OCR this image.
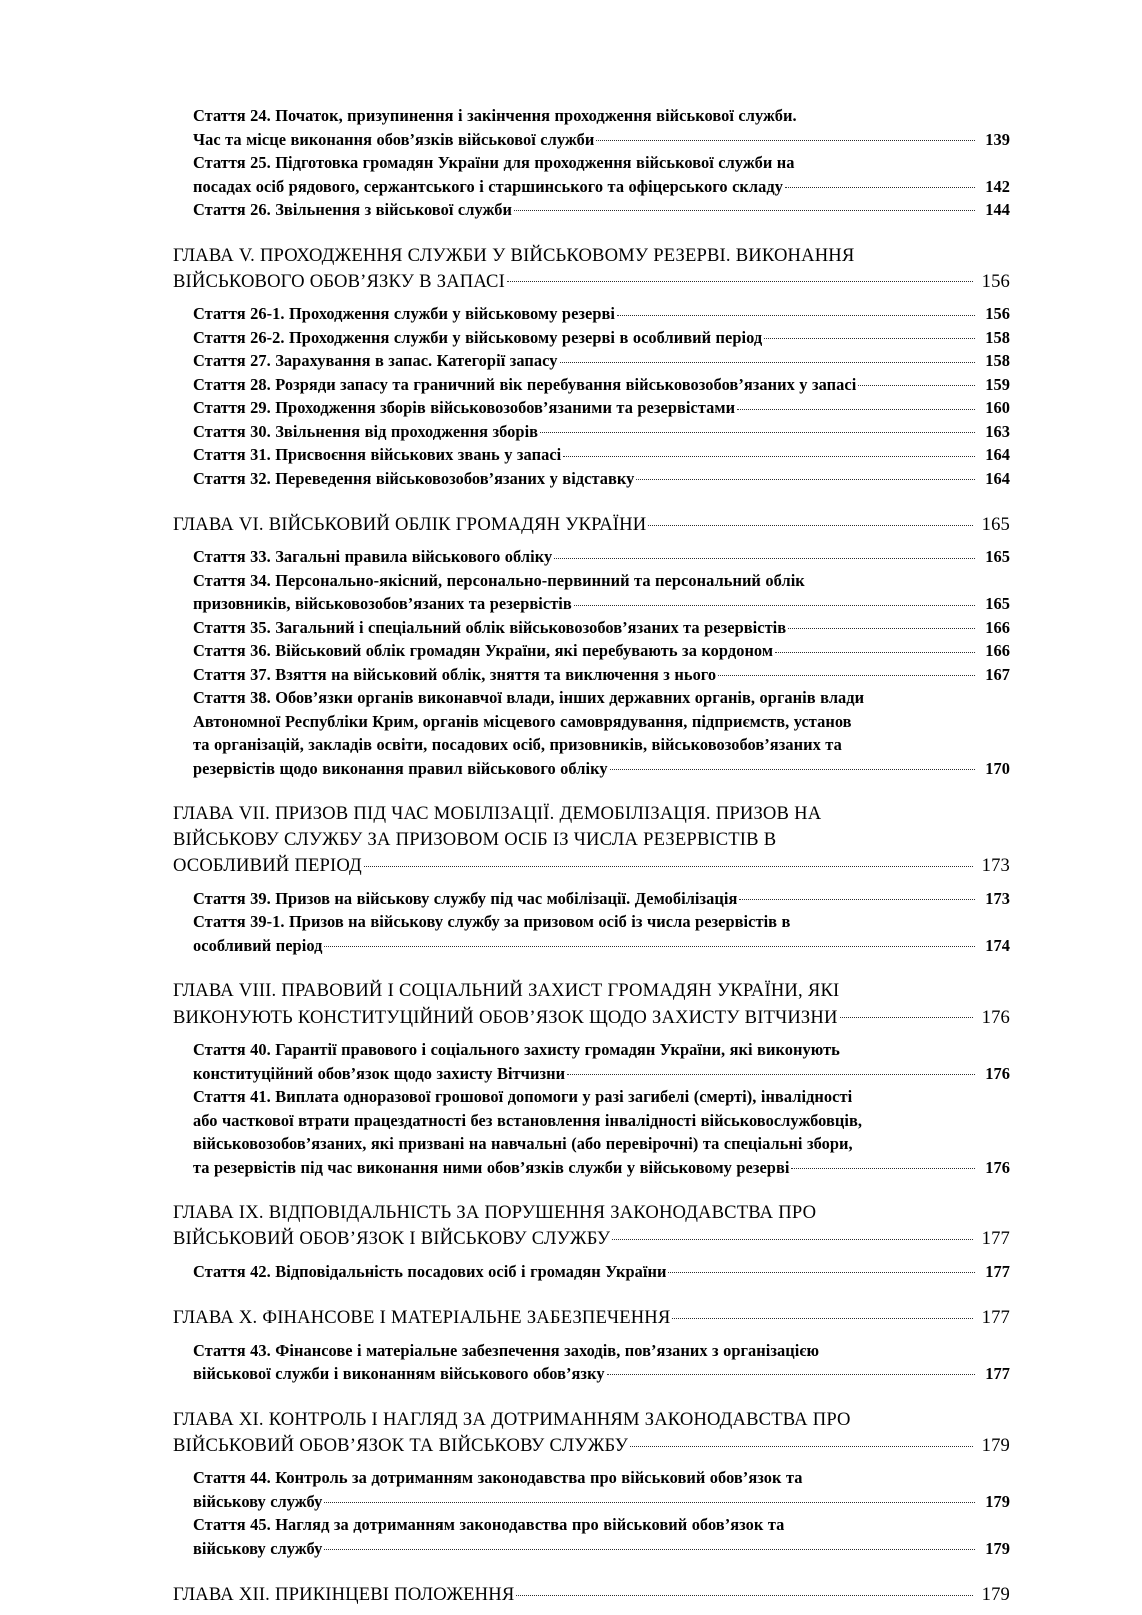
Стаття 24. Початок, призупинення і закінчення проходження військової служби.
Час та місце виконання обов’язків військової служби	139
Стаття 25. Підготовка громадян України для проходження військової служби на
посадах осіб рядового, сержантського і старшинського та офіцерського складу	142
Стаття 26. Звільнення з військової служби	144
ГЛАВА V. ПРОХОДЖЕННЯ СЛУЖБИ У ВІЙСЬКОВОМУ РЕЗЕРВІ. ВИКОНАННЯ
ВІЙСЬКОВОГО ОБОВ’ЯЗКУ В ЗАПАСІ	156
Стаття 26-1. Проходження служби у військовому резерві	156
Стаття 26-2. Проходження служби у військовому резерві в особливий період	158
Стаття 27. Зарахування в запас. Категорії запасу	158
Стаття 28. Розряди запасу та граничний вік перебування військовозобов’язаних у запасі	159
Стаття 29. Проходження зборів військовозобов’язаними та резервістами	160
Стаття 30. Звільнення від проходження зборів	163
Стаття 31. Присвоєння військових звань у запасі	164
Стаття 32. Переведення військовозобов’язаних у відставку	164
ГЛАВА VI. ВІЙСЬКОВИЙ ОБЛІК ГРОМАДЯН УКРАЇНИ	165
Стаття 33. Загальні правила військового обліку	165
Стаття 34. Персонально-якісний, персонально-первинний та персональний облік
призовників, військовозобов’язаних та резервістів	165
Стаття 35. Загальний і спеціальний облік військовозобов’язаних та резервістів	166
Стаття 36. Військовий облік громадян України, які перебувають за кордоном	166
Стаття 37. Взяття на військовий облік, зняття та виключення з нього	167
Стаття 38. Обов’язки органів виконавчої влади, інших державних органів, органів влади
Автономної Республіки Крим, органів місцевого самоврядування, підприємств, установ
та організацій, закладів освіти, посадових осіб, призовників, військовозобов’язаних та
резервістів щодо виконання правил військового обліку	170
ГЛАВА VII. ПРИЗОВ ПІД ЧАС МОБІЛІЗАЦІЇ. ДЕМОБІЛІЗАЦІЯ. ПРИЗОВ НА
ВІЙСЬКОВУ СЛУЖБУ ЗА ПРИЗОВОМ ОСІБ ІЗ ЧИСЛА РЕЗЕРВІСТІВ В
ОСОБЛИВИЙ ПЕРІОД	173
Стаття 39. Призов на військову службу під час мобілізації. Демобілізація	173
Стаття 39-1. Призов на військову службу за призовом осіб із числа резервістів в
особливий період	174
ГЛАВА VIII. ПРАВОВИЙ І СОЦІАЛЬНИЙ ЗАХИСТ ГРОМАДЯН УКРАЇНИ, ЯКІ
ВИКОНУЮТЬ КОНСТИТУЦІЙНИЙ ОБОВ’ЯЗОК ЩОДО ЗАХИСТУ ВІТЧИЗНИ	176
Стаття 40. Гарантії правового і соціального захисту громадян України, які виконують
конституційний обов’язок щодо захисту Вітчизни	176
Стаття 41. Виплата одноразової грошової допомоги у разі загибелі (смерті), інвалідності
або часткової втрати працездатності без встановлення інвалідності військовослужбовців,
військовозобов’язаних, які призвані на навчальні (або перевірочні) та спеціальні збори,
та резервістів під час виконання ними обов’язків служби у військовому резерві	176
ГЛАВА IX. ВІДПОВІДАЛЬНІСТЬ ЗА ПОРУШЕННЯ ЗАКОНОДАВСТВА ПРО
ВІЙСЬКОВИЙ ОБОВ’ЯЗОК І ВІЙСЬКОВУ СЛУЖБУ	177
Стаття 42. Відповідальність посадових осіб і громадян України	177
ГЛАВА X. ФІНАНСОВЕ І МАТЕРІАЛЬНЕ ЗАБЕЗПЕЧЕННЯ	177
Стаття 43. Фінансове і матеріальне забезпечення заходів, пов’язаних з організацією
військової служби і виконанням військового обов’язку	177
ГЛАВА XI. КОНТРОЛЬ І НАГЛЯД ЗА ДОТРИМАННЯМ ЗАКОНОДАВСТВА ПРО
ВІЙСЬКОВИЙ ОБОВ’ЯЗОК ТА ВІЙСЬКОВУ СЛУЖБУ	179
Стаття 44. Контроль за дотриманням законодавства про військовий обов’язок та
військову службу	179
Стаття 45. Нагляд за дотриманням законодавства про військовий обов’язок та
військову службу	179
ГЛАВА XII. ПРИКІНЦЕВІ ПОЛОЖЕННЯ	179
